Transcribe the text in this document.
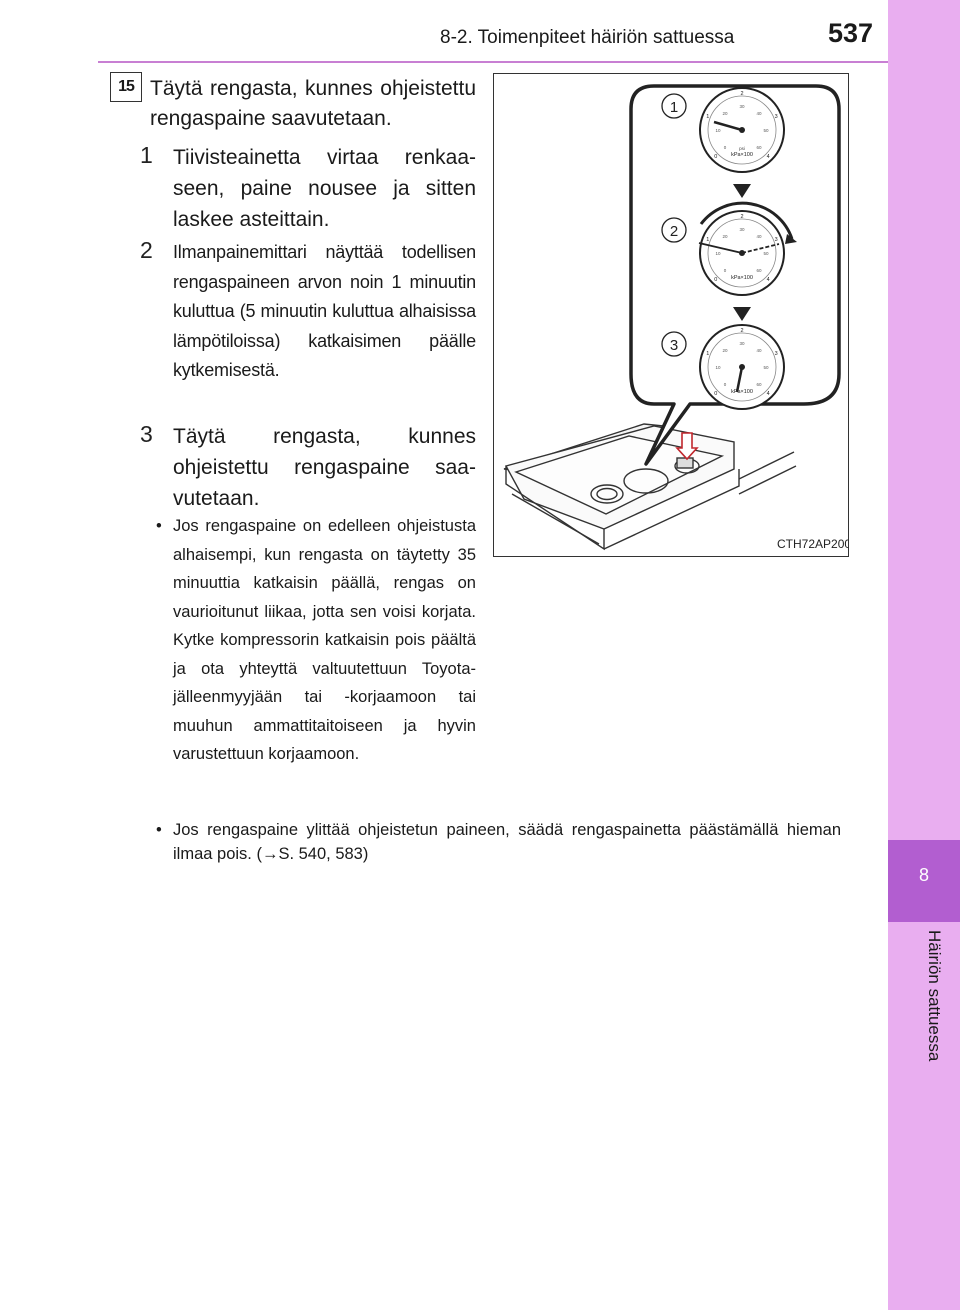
8-2. Toimenpiteet häiriön sattuessa	537
8
Häiriön sattuessa
15 Täytä rengasta, kunnes ohjeistettu rengaspaine saavutetaan.
1 Tiivisteainetta virtaa renkaaseen, paine nousee ja sitten laskee asteittain.
2 Ilmanpainemittari näyttää todellisen rengaspaineen arvon noin 1 minuutin kuluttua (5 minuutin kuluttua alhaisissa lämpötiloissa) katkaisimen päälle kytkemisestä.
3 Täytä rengasta, kunnes ohjeistettu rengaspaine saavutetaan.
• Jos rengaspaine on edelleen ohjeistusta alhaisempi, kun rengasta on täytetty 35 minuuttia katkaisin päällä, rengas on vaurioitunut liikaa, jotta sen voisi korjata. Kytke kompressorin katkaisin pois päältä ja ota yhteyttä valtuutettuun Toyota-jälleenmyyjään tai -korjaamoon tai muuhun ammattitaitoiseen ja hyvin varustettuun korjaamoon.
• Jos rengaspaine ylittää ohjeistetun paineen, säädä rengaspainetta päästämällä hieman ilmaa pois. (→S. 540, 583)
1
2
3
kPa×100
psi
kPa×100
kPa×100
0
1
2
3
4
0
10
20
30
40
50
60
0
1
2
3
4
0
10
20
30
40
50
60
0
1
2
3
4
0
10
20
30
40
50
60
CTH72AP200
